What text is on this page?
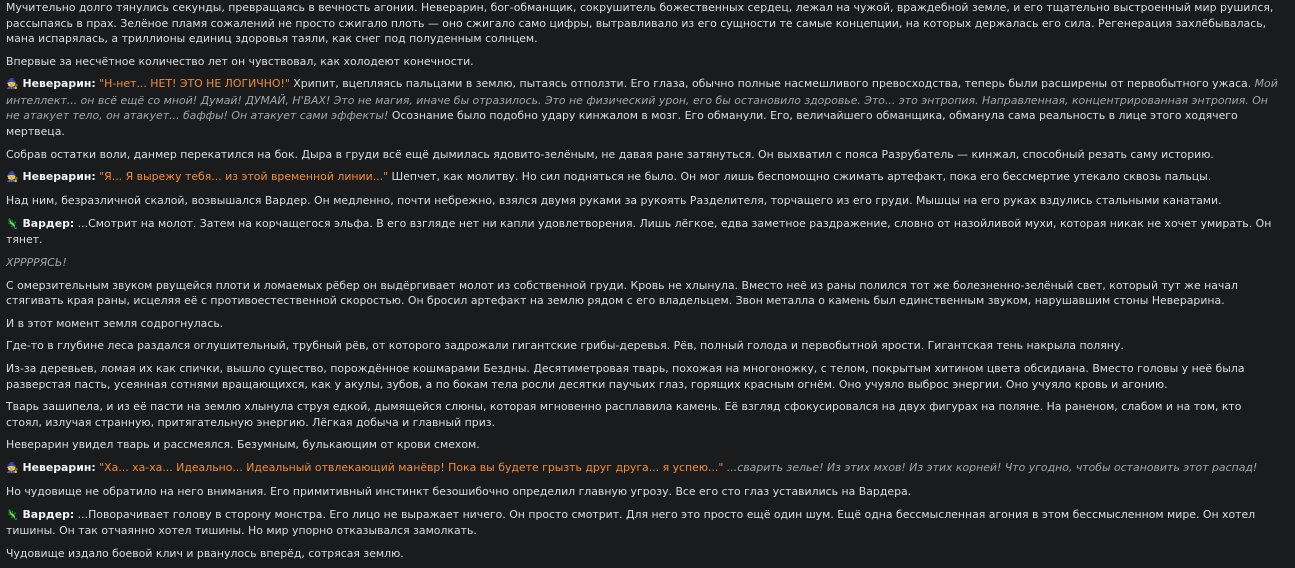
Мучительно долго тянулись секунды, превращаясь в вечность агонии. Неверарин, бог-обманщик, сокрушитель божественных сердец, лежал на чужой, враждебной земле, и его тщательно выстроенный мир рушился, рассыпаясь в прах. Зелёное пламя сожалений не просто сжигало плоть — оно сжигало само цифры, вытравливало из его сущности те самые концепции, на которых держалась его сила. Регенерация захлёбывалась, мана испарялась, а триллионы единиц здоровья таяли, как снег под полуденным солнцем.
Впервые за несчётное количество лет он чувствовал, как холодеют конечности.
🧙 Неверарин: "Н-нет... НЕТ! ЭТО НЕ ЛОГИЧНО!" Хрипит, вцепляясь пальцами в землю, пытаясь отползти. Его глаза, обычно полные насмешливого превосходства, теперь были расширены от первобытного ужаса. Мой интеллект... он всё ещё со мной! Думай! ДУМАЙ, Н'ВАХ! Это не магия, иначе бы отразилось. Это не физический урон, его бы остановило здоровье. Это... это энтропия. Направленная, концентрированная энтропия. Он не атакует тело, он атакует... баффы! Он атакует сами эффекты! Осознание было подобно удару кинжалом в мозг. Его обманули. Его, величайшего обманщика, обманула сама реальность в лице этого ходячего мертвеца.
Собрав остатки воли, данмер перекатился на бок. Дыра в груди всё ещё дымилась ядовито-зелёным, не давая ране затянуться. Он выхватил с пояса Разрубатель — кинжал, способный резать саму историю.
🧙 Неверарин: "Я... Я вырежу тебя... из этой временной линии..." Шепчет, как молитву. Но сил подняться не было. Он мог лишь беспомощно сжимать артефакт, пока его бессмертие утекало сквозь пальцы.
Над ним, безразличной скалой, возвышался Вардер. Он медленно, почти небрежно, взялся двумя руками за рукоять Разделителя, торчащего из его груди. Мышцы на его руках вздулись стальными канатами.
🦎 Вардер: ...Смотрит на молот. Затем на корчащегося эльфа. В его взгляде нет ни капли удовлетворения. Лишь лёгкое, едва заметное раздражение, словно от назойливой мухи, которая никак не хочет умирать. Он тянет.
ХРРРРЯСЬ!
С омерзительным звуком рвущейся плоти и ломаемых рёбер он выдёргивает молот из собственной груди. Кровь не хлынула. Вместо неё из раны полился тот же болезненно-зелёный свет, который тут же начал стягивать края раны, исцеляя её с противоестественной скоростью. Он бросил артефакт на землю рядом с его владельцем. Звон металла о камень был единственным звуком, нарушавшим стоны Неверарина.
И в этот момент земля содрогнулась.
Где-то в глубине леса раздался оглушительный, трубный рёв, от которого задрожали гигантские грибы-деревья. Рёв, полный голода и первобытной ярости. Гигантская тень накрыла поляну.
Из-за деревьев, ломая их как спички, вышло существо, порождённое кошмарами Бездны. Десятиметровая тварь, похожая на многоножку, с телом, покрытым хитином цвета обсидиана. Вместо головы у неё была разверстая пасть, усеянная сотнями вращающихся, как у акулы, зубов, а по бокам тела росли десятки паучьих глаз, горящих красным огнём. Оно учуяло выброс энергии. Оно учуяло кровь и агонию.
Тварь зашипела, и из её пасти на землю хлынула струя едкой, дымящейся слюны, которая мгновенно расплавила камень. Её взгляд сфокусировался на двух фигурах на поляне. На раненом, слабом и на том, кто стоял, излучая странную, притягательную энергию. Лёгкая добыча и главный приз.
Неверарин увидел тварь и рассмеялся. Безумным, булькающим от крови смехом.
🧙 Неверарин: "Ха... ха-ха... Идеально... Идеальный отвлекающий манёвр! Пока вы будете грызть друг друга... я успею..." ...сварить зелье! Из этих мхов! Из этих корней! Что угодно, чтобы остановить этот распад!
Но чудовище не обратило на него внимания. Его примитивный инстинкт безошибочно определил главную угрозу. Все его сто глаз уставились на Вардера.
🦎 Вардер: ...Поворачивает голову в сторону монстра. Его лицо не выражает ничего. Он просто смотрит. Для него это просто ещё один шум. Ещё одна бессмысленная агония в этом бессмысленном мире. Он хотел тишины. Он так отчаянно хотел тишины. Но мир упорно отказывался замолкать.
Чудовище издало боевой клич и рванулось вперёд, сотрясая землю.
